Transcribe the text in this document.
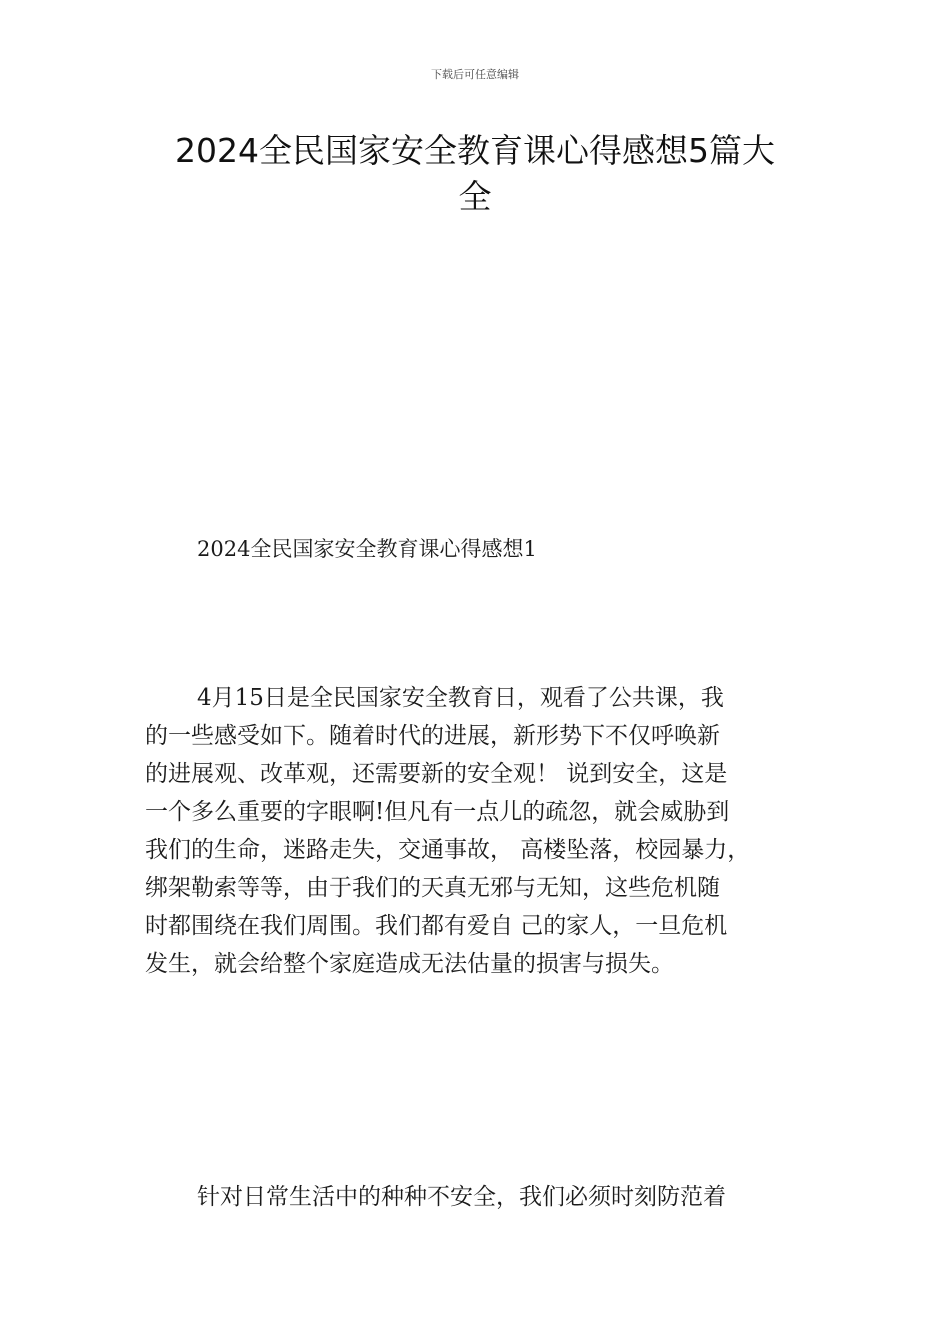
下载后可任意编辑
2024全民国家安全教育课心得感想5篇大
全
2024全民国家安全教育课心得感想1
4月15日是全民国家安全教育日，观看了公共课，我
的一些感受如下。随着时代的进展，新形势下不仅呼唤新
的进展观、改革观，还需要新的安全观！ 说到安全，这是
一个多么重要的字眼啊!但凡有一点儿的疏忽，就会威胁到
我们的生命，迷路走失，交通事故， 高楼坠落，校园暴力，
绑架勒索等等，由于我们的天真无邪与无知，这些危机随
时都围绕在我们周围。我们都有爱自 己的家人，一旦危机
发生，就会给整个家庭造成无法估量的损害与损失。
针对日常生活中的种种不安全，我们必须时刻防范着
